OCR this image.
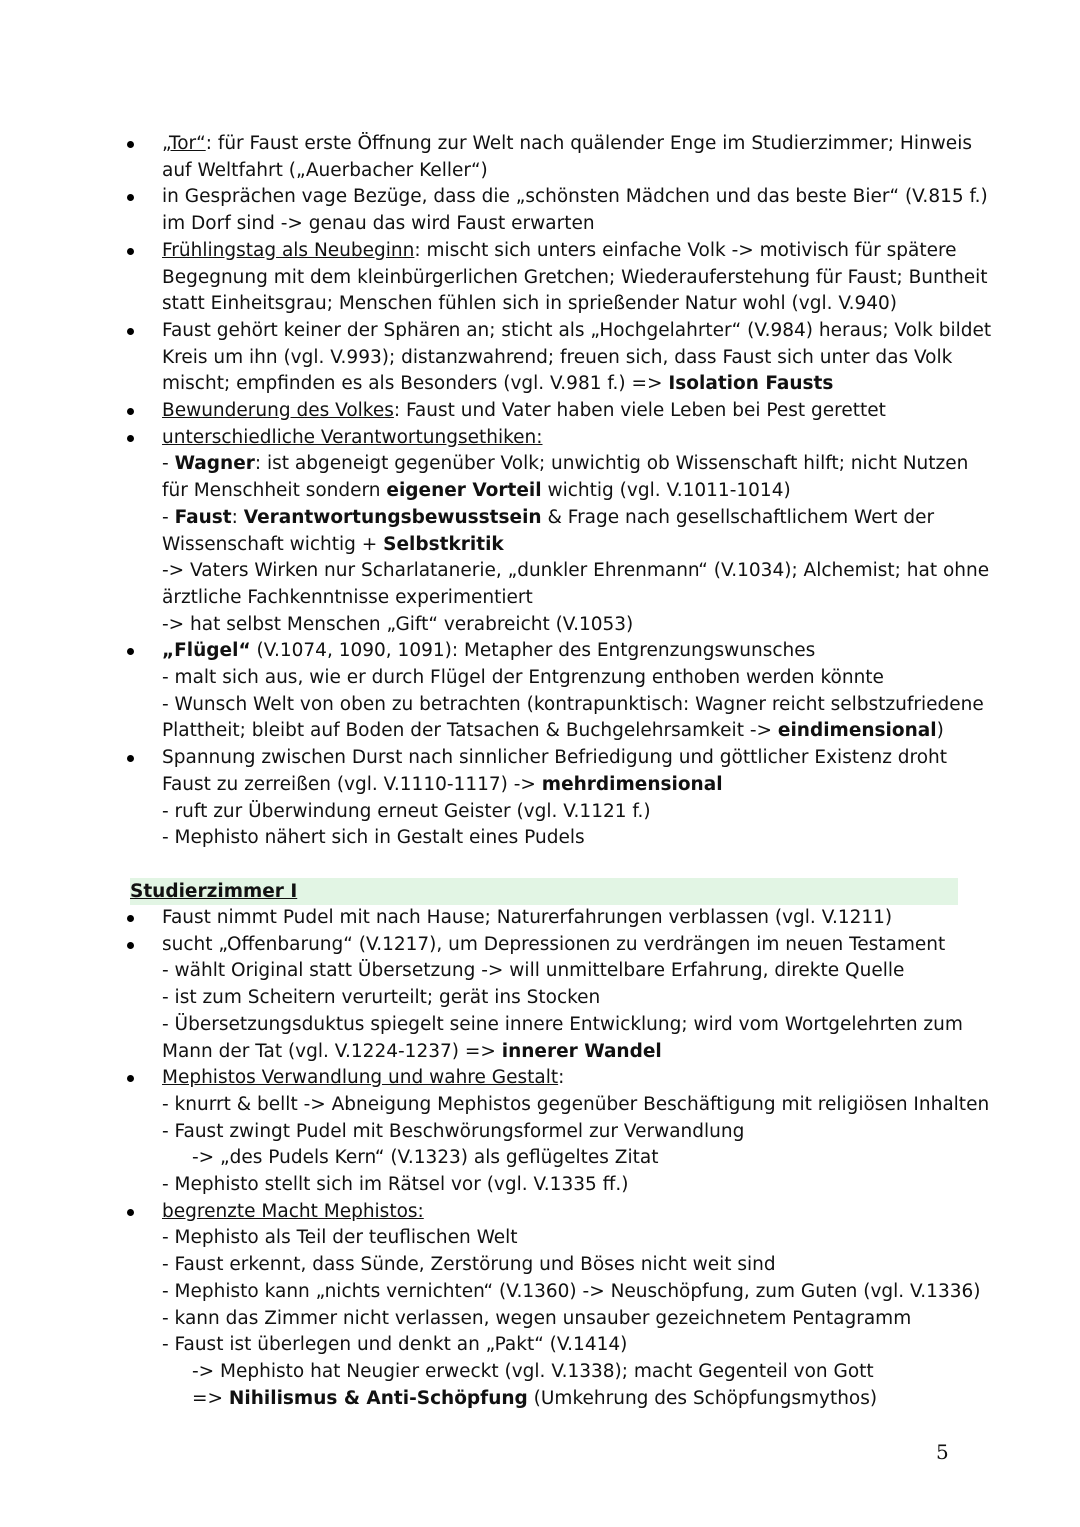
„Tor“: für Faust erste Öffnung zur Welt nach quälender Enge im Studierzimmer; Hinweis
auf Weltfahrt („Auerbacher Keller“)
in Gesprächen vage Bezüge, dass die „schönsten Mädchen und das beste Bier“ (V.815 f.)
im Dorf sind -> genau das wird Faust erwarten
Frühlingstag als Neubeginn: mischt sich unters einfache Volk -> motivisch für spätere
Begegnung mit dem kleinbürgerlichen Gretchen; Wiederauferstehung für Faust; Buntheit
statt Einheitsgrau; Menschen fühlen sich in sprießender Natur wohl (vgl. V.940)
Faust gehört keiner der Sphären an; sticht als „Hochgelahrter“ (V.984) heraus; Volk bildet
Kreis um ihn (vgl. V.993); distanzwahrend; freuen sich, dass Faust sich unter das Volk
mischt; empfinden es als Besonders (vgl. V.981 f.) => Isolation Fausts
Bewunderung des Volkes: Faust und Vater haben viele Leben bei Pest gerettet
unterschiedliche Verantwortungsethiken:
- Wagner: ist abgeneigt gegenüber Volk; unwichtig ob Wissenschaft hilft; nicht Nutzen
für Menschheit sondern eigener Vorteil wichtig (vgl. V.1011-1014)
- Faust: Verantwortungsbewusstsein & Frage nach gesellschaftlichem Wert der
Wissenschaft wichtig + Selbstkritik
-> Vaters Wirken nur Scharlatanerie, „dunkler Ehrenmann“ (V.1034); Alchemist; hat ohne
ärztliche Fachkenntnisse experimentiert
-> hat selbst Menschen „Gift“ verabreicht (V.1053)
„Flügel“ (V.1074, 1090, 1091): Metapher des Entgrenzungswunsches
- malt sich aus, wie er durch Flügel der Entgrenzung enthoben werden könnte
- Wunsch Welt von oben zu betrachten (kontrapunktisch: Wagner reicht selbstzufriedene
Plattheit; bleibt auf Boden der Tatsachen & Buchgelehrsamkeit -> eindimensional)
Spannung zwischen Durst nach sinnlicher Befriedigung und göttlicher Existenz droht
Faust zu zerreißen (vgl. V.1110-1117) -> mehrdimensional
- ruft zur Überwindung erneut Geister (vgl. V.1121 f.)
- Mephisto nähert sich in Gestalt eines Pudels
Studierzimmer I
Faust nimmt Pudel mit nach Hause; Naturerfahrungen verblassen (vgl. V.1211)
sucht „Offenbarung“ (V.1217), um Depressionen zu verdrängen im neuen Testament
- wählt Original statt Übersetzung -> will unmittelbare Erfahrung, direkte Quelle
- ist zum Scheitern verurteilt; gerät ins Stocken
- Übersetzungsduktus spiegelt seine innere Entwicklung; wird vom Wortgelehrten zum
Mann der Tat (vgl. V.1224-1237) => innerer Wandel
Mephistos Verwandlung und wahre Gestalt:
- knurrt & bellt -> Abneigung Mephistos gegenüber Beschäftigung mit religiösen Inhalten
- Faust zwingt Pudel mit Beschwörungsformel zur Verwandlung
-> „des Pudels Kern“ (V.1323) als geflügeltes Zitat
- Mephisto stellt sich im Rätsel vor (vgl. V.1335 ff.)
begrenzte Macht Mephistos:
- Mephisto als Teil der teuflischen Welt
- Faust erkennt, dass Sünde, Zerstörung und Böses nicht weit sind
- Mephisto kann „nichts vernichten“ (V.1360) -> Neuschöpfung, zum Guten (vgl. V.1336)
- kann das Zimmer nicht verlassen, wegen unsauber gezeichnetem Pentagramm
- Faust ist überlegen und denkt an „Pakt“ (V.1414)
-> Mephisto hat Neugier erweckt (vgl. V.1338); macht Gegenteil von Gott
=> Nihilismus & Anti-Schöpfung (Umkehrung des Schöpfungsmythos)
5
